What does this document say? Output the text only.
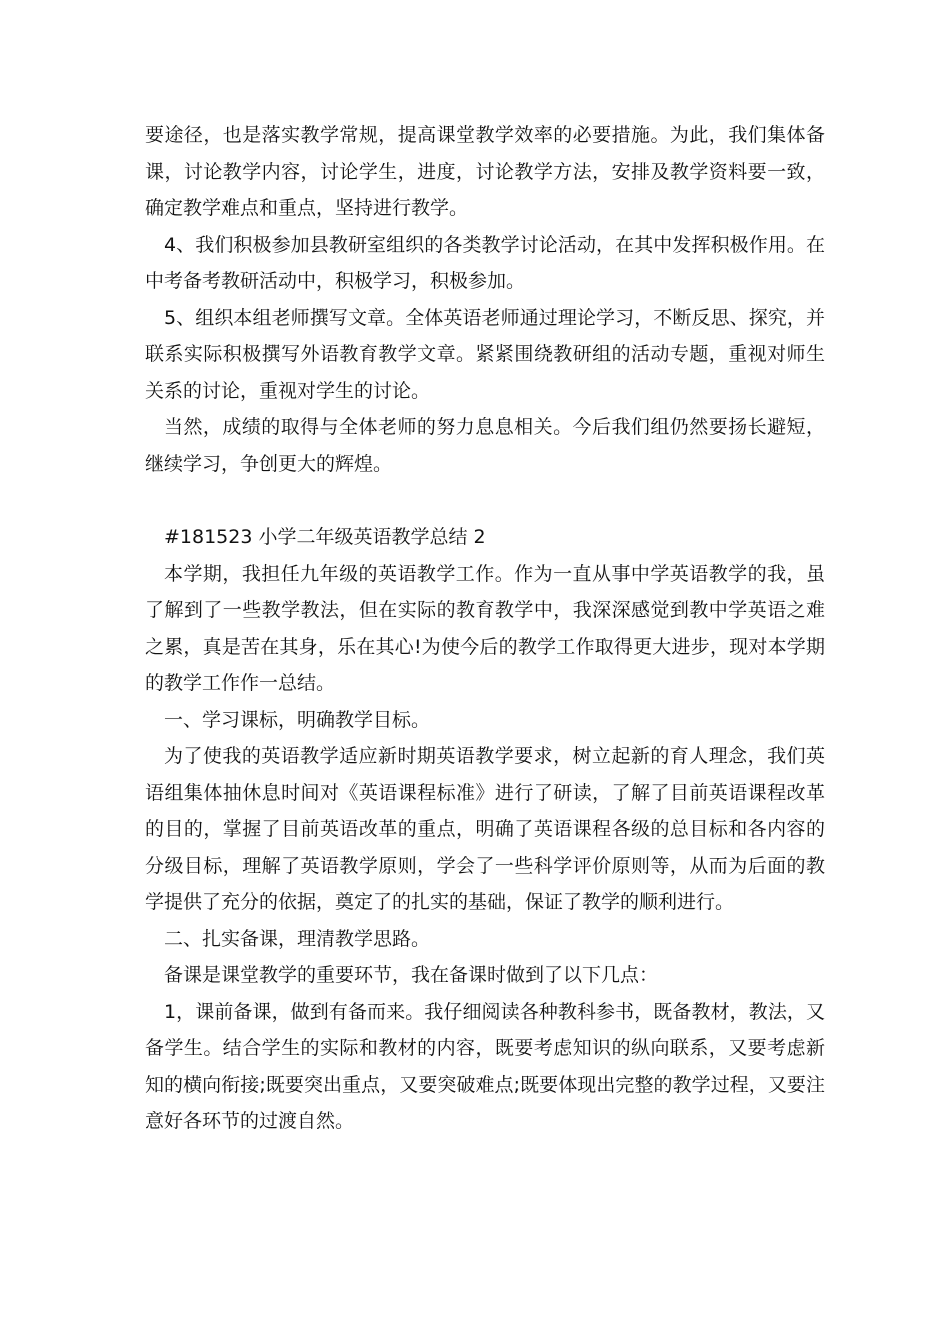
要途径，也是落实教学常规，提高课堂教学效率的必要措施。为此，我们集体备课，讨论教学内容，讨论学生，进度，讨论教学方法，安排及教学资料要一致，确定教学难点和重点，坚持进行教学。

4、我们积极参加县教研室组织的各类教学讨论活动，在其中发挥积极作用。在中考备考教研活动中，积极学习，积极参加。

5、组织本组老师撰写文章。全体英语老师通过理论学习，不断反思、探究，并联系实际积极撰写外语教育教学文章。紧紧围绕教研组的活动专题，重视对师生关系的讨论，重视对学生的讨论。

当然，成绩的取得与全体老师的努力息息相关。今后我们组仍然要扬长避短，继续学习，争创更大的辉煌。

#181523 小学二年级英语教学总结 2

本学期，我担任九年级的英语教学工作。作为一直从事中学英语教学的我，虽了解到了一些教学教法，但在实际的教育教学中，我深深感觉到教中学英语之难之累，真是苦在其身，乐在其心!为使今后的教学工作取得更大进步，现对本学期的教学工作作一总结。

一、学习课标，明确教学目标。

为了使我的英语教学适应新时期英语教学要求，树立起新的育人理念，我们英语组集体抽休息时间对《英语课程标准》进行了研读，了解了目前英语课程改革的目的，掌握了目前英语改革的重点，明确了英语课程各级的总目标和各内容的分级目标，理解了英语教学原则，学会了一些科学评价原则等，从而为后面的教学提供了充分的依据，奠定了的扎实的基础，保证了教学的顺利进行。

二、扎实备课，理清教学思路。

备课是课堂教学的重要环节，我在备课时做到了以下几点：

1，课前备课，做到有备而来。我仔细阅读各种教科参书，既备教材，教法，又备学生。结合学生的实际和教材的内容，既要考虑知识的纵向联系，又要考虑新知的横向衔接;既要突出重点，又要突破难点;既要体现出完整的教学过程，又要注意好各环节的过渡自然。
